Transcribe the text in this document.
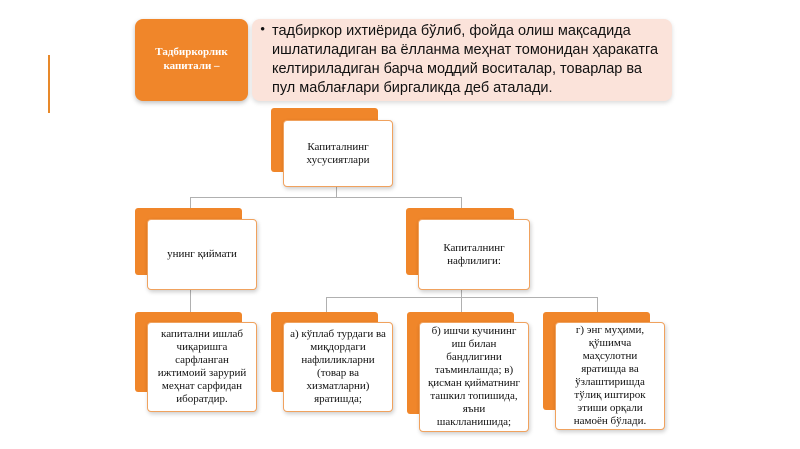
Тадбиркорлик капитали –
• тадбиркор ихтиёрида бўлиб, фойда олиш мақсадида ишлатиладиган ва ёлланма меҳнат томонидан ҳаракатга келтириладиган барча моддий воситалар, товарлар ва пул маблағлари биргаликда деб аталади.
Капиталнинг хусусиятлари
унинг қиймати
Капиталнинг нафлилиги:
капитални ишлаб чиқаришга сарфланган ижтимоий зарурий меҳнат сарфидан иборатдир.
а) кўплаб турдаги ва миқдордаги нафлиликларни (товар ва хизматларни) яратишда;
б) ишчи кучининг иш билан бандлигини таъминлашда; в) қисман қийматнинг ташкил топишида, яъни шаклланишида;
г) энг муҳими, қўшимча маҳсулотни яратишда ва ўзлаштиришда тўлиқ иштирок этиши орқали намоён бўлади.
